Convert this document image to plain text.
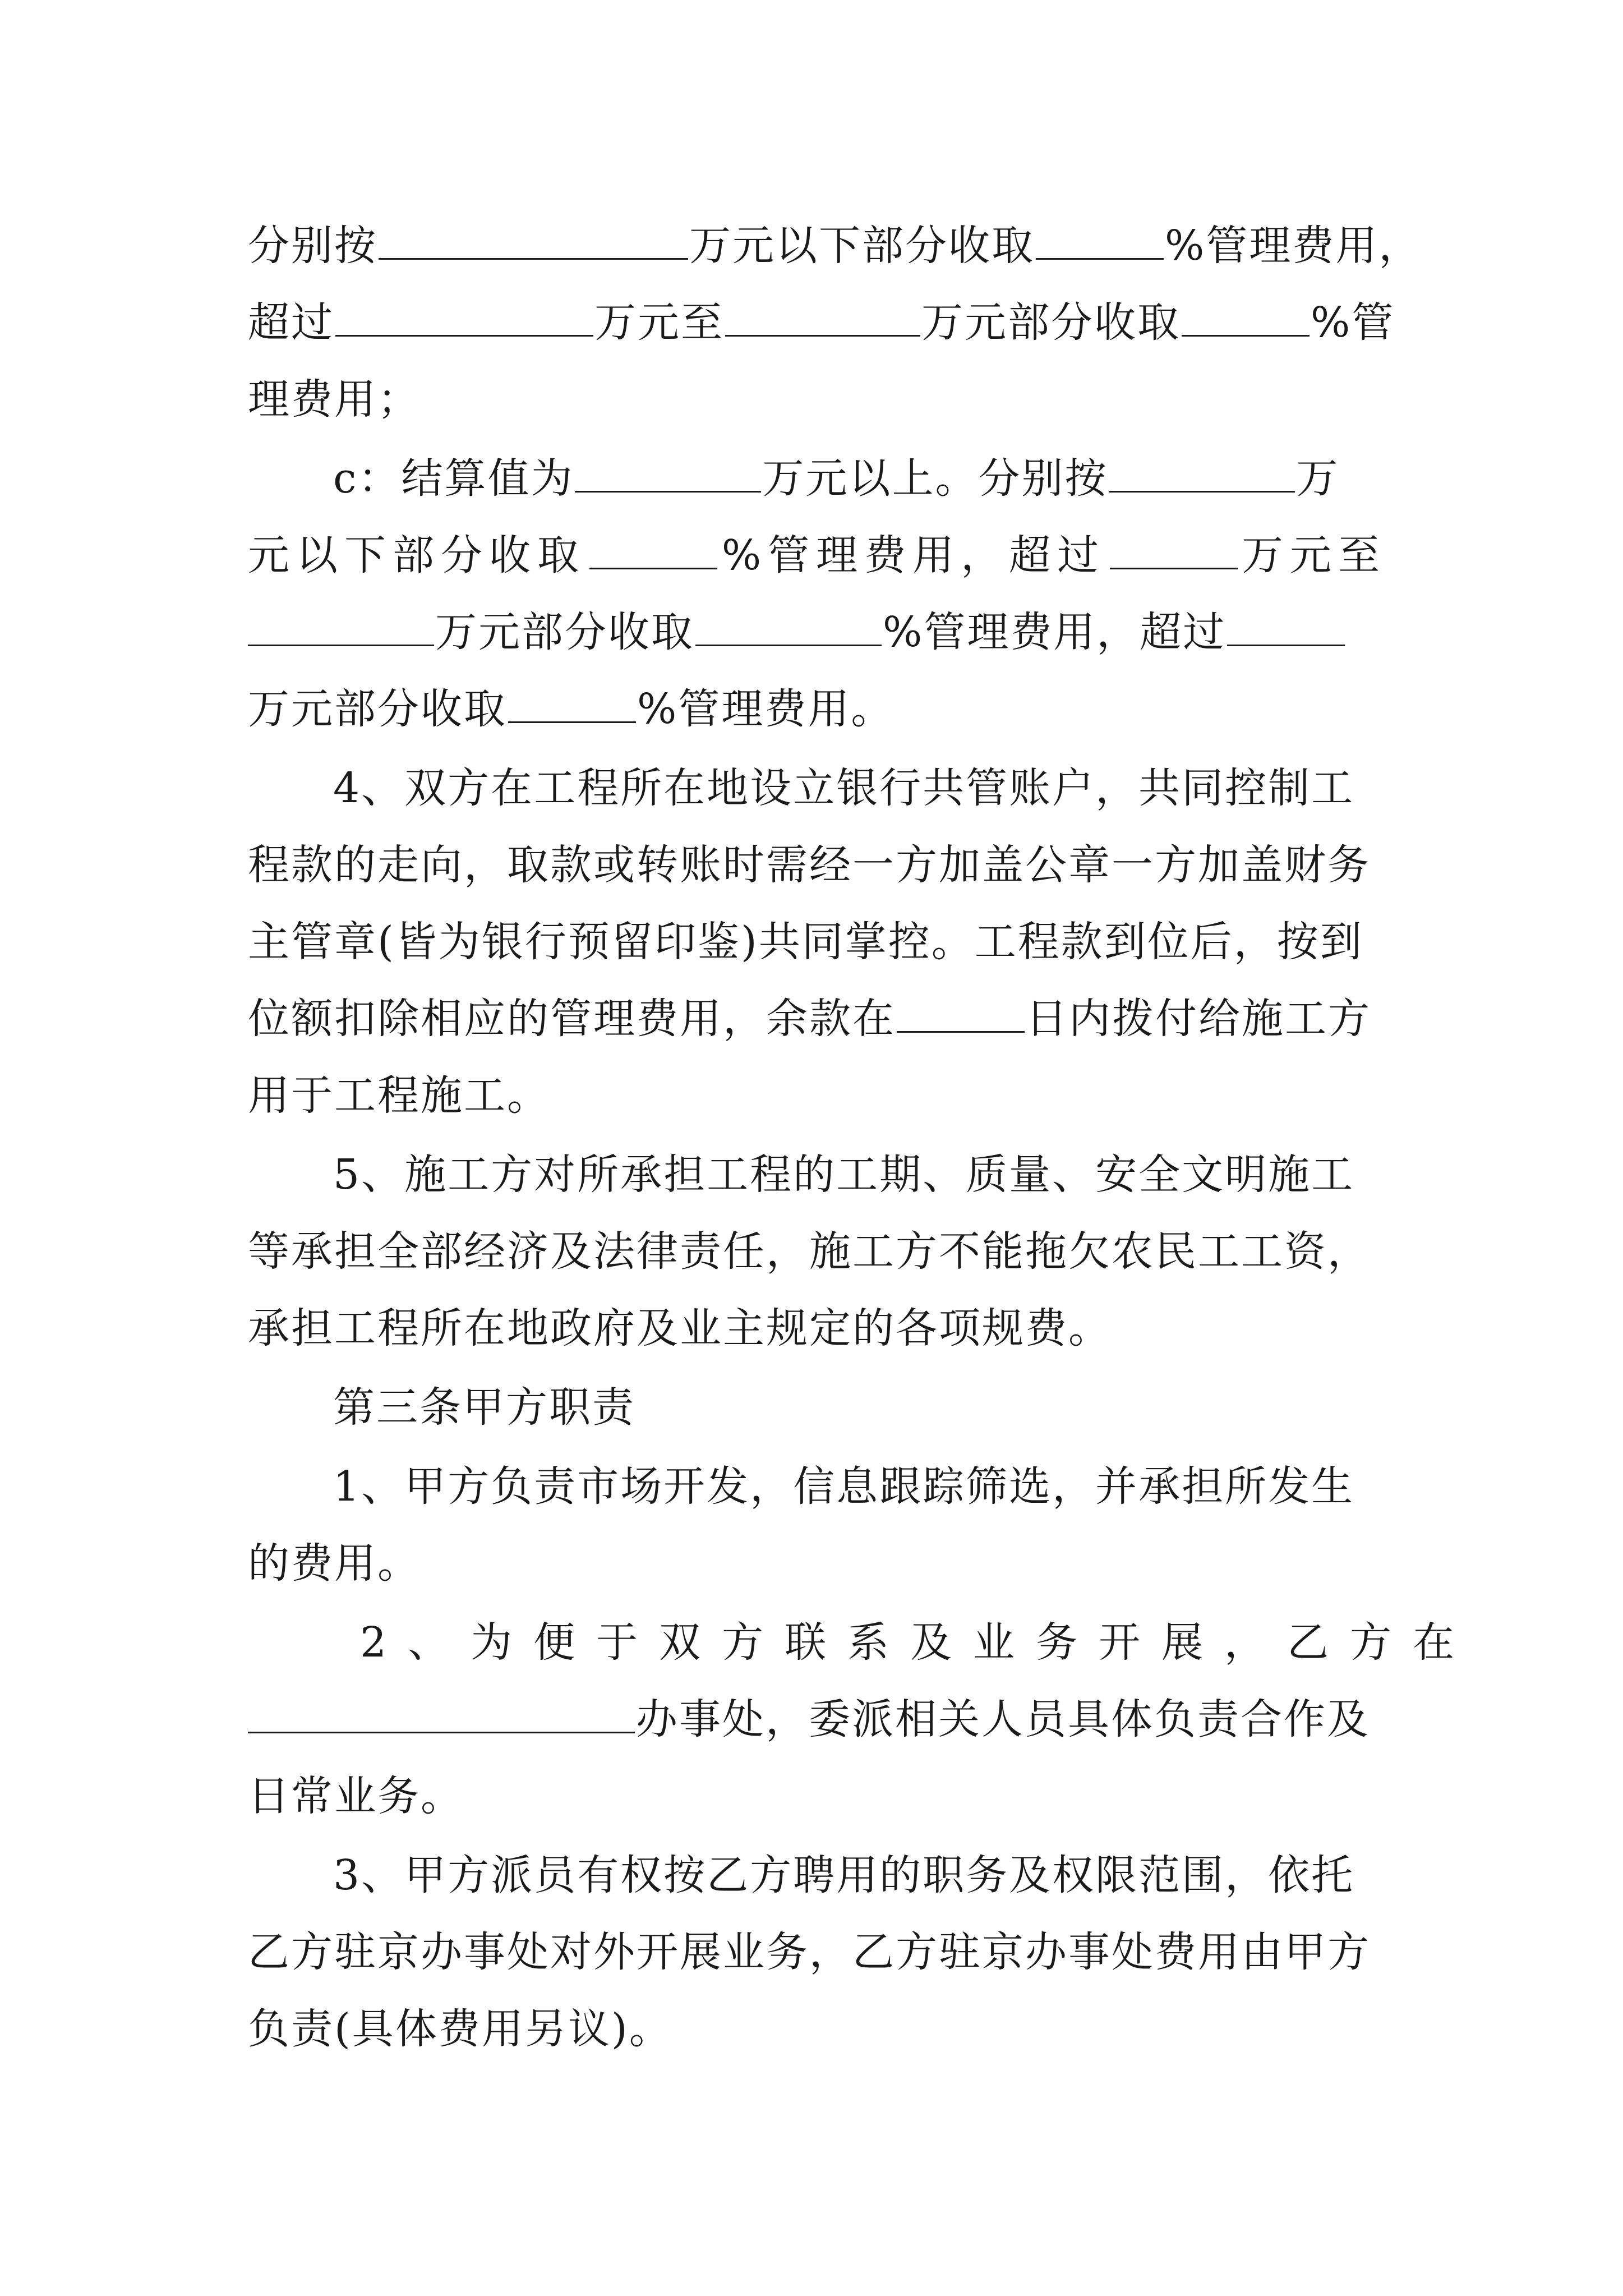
分别按	万元以下部分收取	%管理费用，
超过	万元至	万元部分收取	%管
理费用；
c：结算值为	万元以上。分别按	万
元以下部分收取	%管理费用，超过	万元至
万元部分收取	%管理费用，超过
万元部分收取	%管理费用。
4、双方在工程所在地设立银行共管账户，共同控制工
程款的走向，取款或转账时需经一方加盖公章一方加盖财务
主管章(皆为银行预留印鉴)共同掌控。工程款到位后，按到
位额扣除相应的管理费用，余款在	日内拨付给施工方
用于工程施工。
5、施工方对所承担工程的工期、质量、安全文明施工
等承担全部经济及法律责任，施工方不能拖欠农民工工资，
承担工程所在地政府及业主规定的各项规费。
第三条甲方职责
1、甲方负责市场开发，信息跟踪筛选，并承担所发生
的费用。
2、为便于双方联系及业务开展，乙方在
办事处，委派相关人员具体负责合作及
日常业务。
3、甲方派员有权按乙方聘用的职务及权限范围，依托
乙方驻京办事处对外开展业务，乙方驻京办事处费用由甲方
负责(具体费用另议)。
